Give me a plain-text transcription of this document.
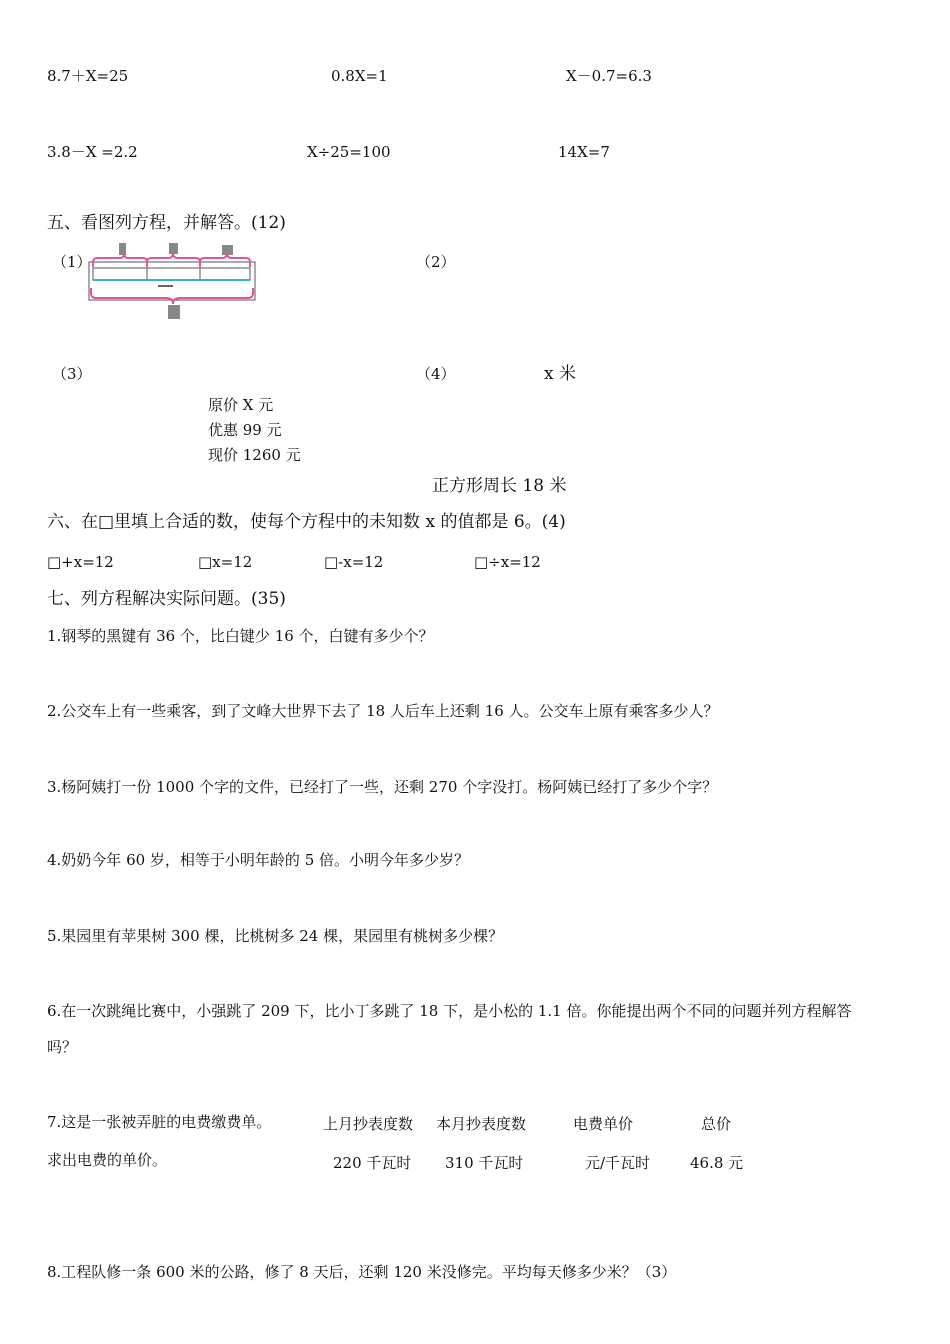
8.7＋X=25	0.8X=1	X－0.7=6.3
3.8－X =2.2	X÷25=100	14X=7
五、看图列方程，并解答。(12)
（1）	（2）
（3）	（4）	x 米
原价 X 元
优惠 99 元
现价 1260 元
正方形周长 18 米
六、在□里填上合适的数，使每个方程中的未知数 x 的值都是 6。(4)
□+x=12	□x=12	□-x=12	□÷x=12
七、列方程解决实际问题。(35)
1.钢琴的黑键有 36 个，比白键少 16 个，白键有多少个？
2.公交车上有一些乘客，到了文峰大世界下去了 18 人后车上还剩 16 人。公交车上原有乘客多少人？
3.杨阿姨打一份 1000 个字的文件，已经打了一些，还剩 270 个字没打。杨阿姨已经打了多少个字？
4.奶奶今年 60 岁，相等于小明年龄的 5 倍。小明今年多少岁？
5.果园里有苹果树 300 棵，比桃树多 24 棵，果园里有桃树多少棵？
6.在一次跳绳比赛中，小强跳了 209 下，比小丁多跳了 18 下，是小松的 1.1 倍。你能提出两个不同的问题并列方程解答
吗？
7.这是一张被弄脏的电费缴费单。
求出电费的单价。
上月抄表度数 本月抄表度数	电费单价	总价
220 千瓦时 310 千瓦时	元/千瓦时	46.8 元
8.工程队修一条 600 米的公路，修了 8 天后，还剩 120 米没修完。平均每天修多少米？（3）
